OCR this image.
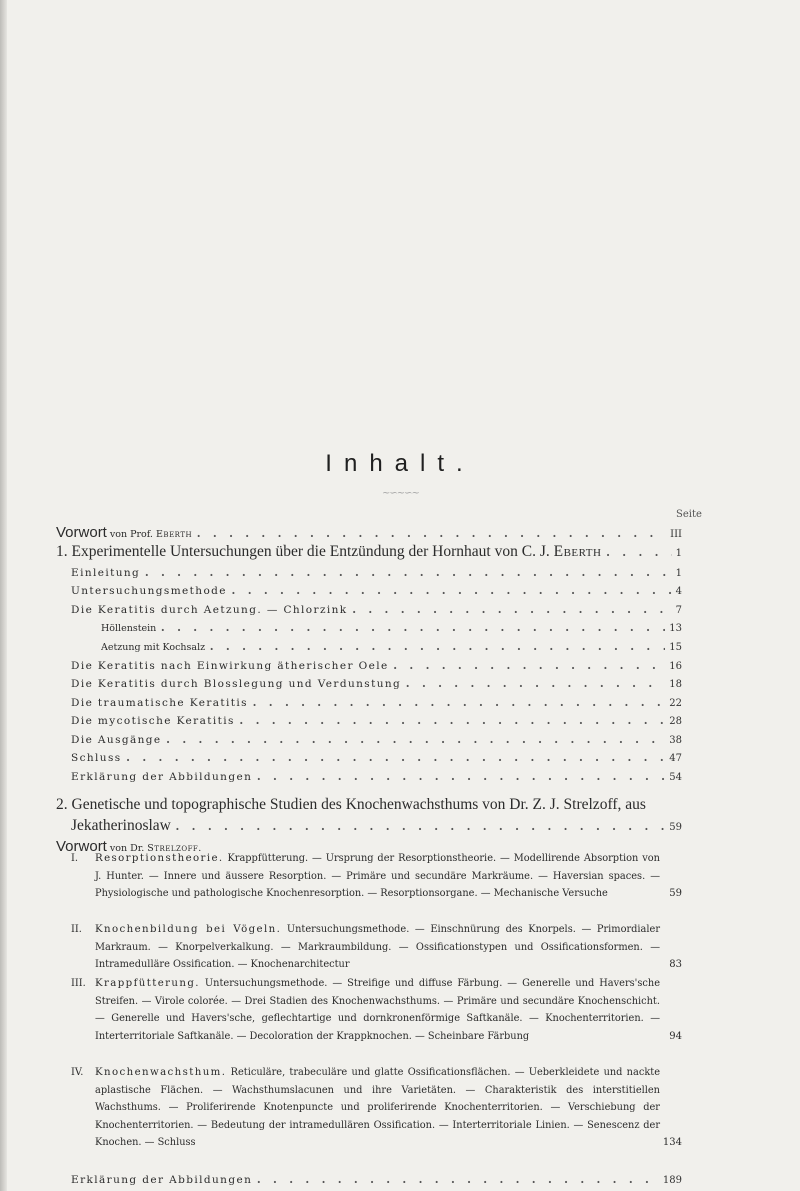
Inhalt.
~∽~∽~
Seite
Vorwort von Prof. Eberth . . .	III
1. Experimentelle Untersuchungen über die Entzündung der Hornhaut von C. J. Eberth . . .	1
Einleitung . . .	1
Untersuchungsmethode . . .	4
Die Keratitis durch Aetzung. — Chlorzink . . .	7
Höllenstein . . .	13
Aetzung mit Kochsalz . . .	15
Die Keratitis nach Einwirkung ätherischer Oele . . .	16
Die Keratitis durch Blosslegung und Verdunstung . . .	18
Die traumatische Keratitis . . .	22
Die mycotische Keratitis . . .	28
Die Ausgänge . . .	38
Schluss . . .	47
Erklärung der Abbildungen . . .	54
2. Genetische und topographische Studien des Knochenwachsthums von Dr. Z. J. Strelzoff, aus
Jekatherinoslaw . . .	59
Vorwort von Dr. Strelzoff.
I. Resorptionstheorie. Krappfütterung. — Ursprung der Resorptionstheorie. — Modellirende Absorption von J. Hunter. — Innere und äussere Resorption. — Primäre und secundäre Markräume. — Haversian spaces. — Physiologische und pathologische Knochenresorption. — Resorptionsorgane. — Mechanische Versuche	59
II. Knochenbildung bei Vögeln. Untersuchungsmethode. — Einschnürung des Knorpels. — Primordialer Markraum. — Knorpelverkalkung. — Markraumbildung. — Ossificationstypen und Ossificationsformen. — Intramedulläre Ossification. — Knochenarchitectur	83
III. Krappfütterung. Untersuchungsmethode. — Streifige und diffuse Färbung. — Generelle und Havers'sche Streifen. — Virole colorée. — Drei Stadien des Knochenwachsthums. — Primäre und secundäre Knochenschicht. — Generelle und Havers'sche, geflechtartige und dornkronenförmige Saftkanäle. — Knochenterritorien. — Interterritoriale Saftkanäle. — Decoloration der Krappknochen. — Scheinbare Färbung	94
IV. Knochenwachsthum. Reticuläre, trabeculäre und glatte Ossificationsflächen. — Ueberkleidete und nackte aplastische Flächen. — Wachsthumslacunen und ihre Varietäten. — Charakteristik des interstitiellen Wachsthums. — Proliferirende Knotenpuncte und proliferirende Knochenterritorien. — Verschiebung der Knochenterritorien. — Bedeutung der intramedullären Ossification. — Interterritoriale Linien. — Senescenz der Knochen. — Schluss	134
Erklärung der Abbildungen . . .	189
